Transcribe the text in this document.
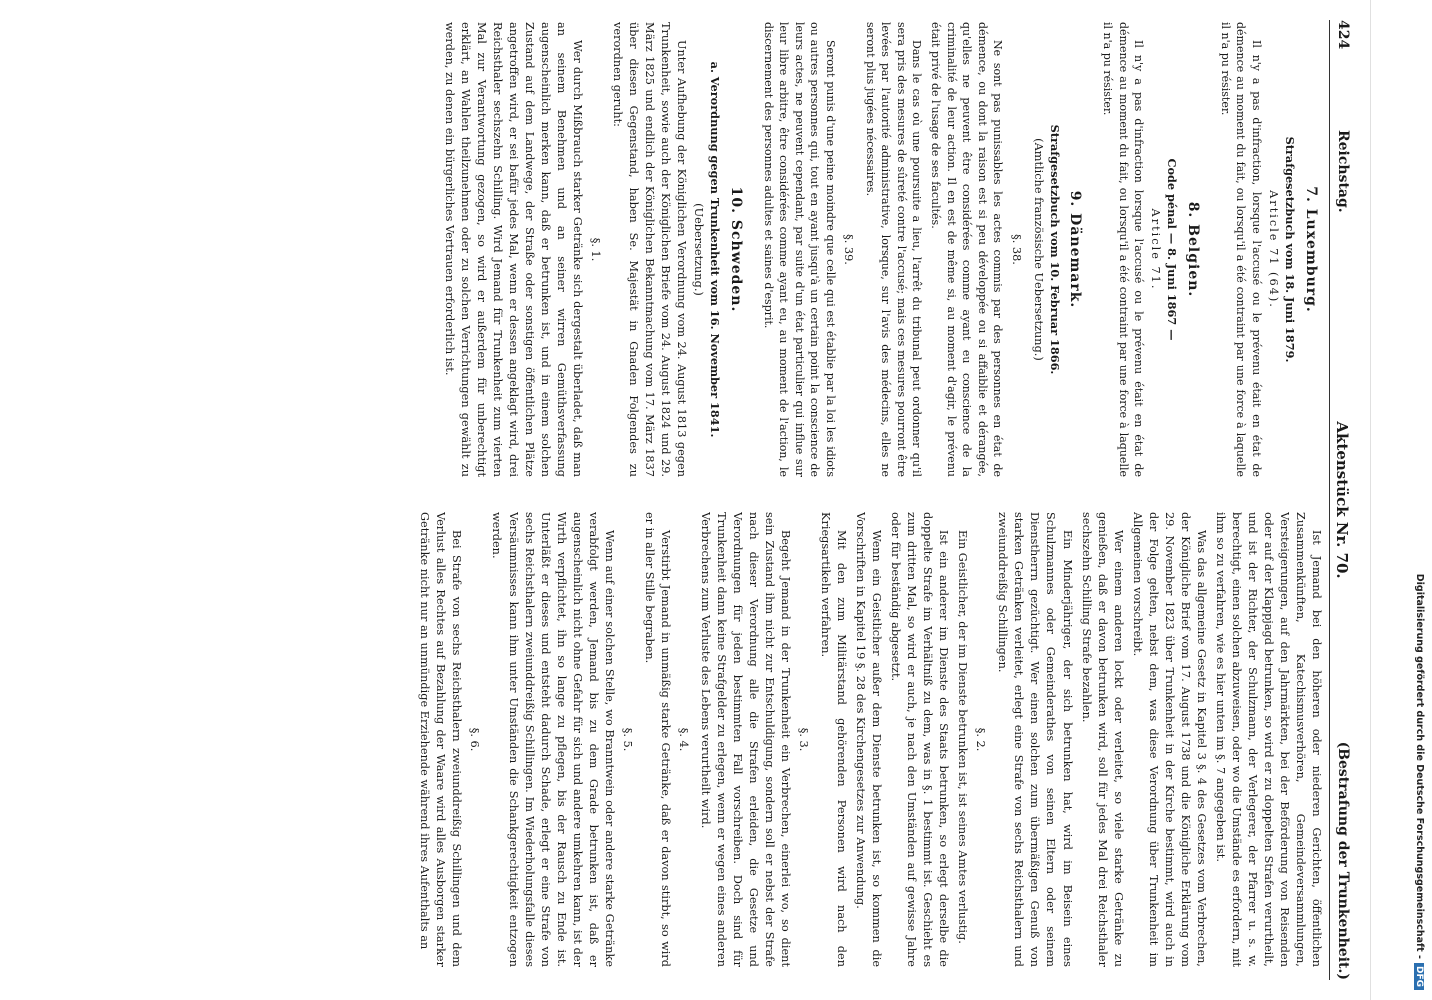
424
Reichstag.
Aktenstück Nr. 70.
(Bestrafung der Trunkenheit.)
7. Luxemburg.
Strafgesetzbuch vom 18. Juni 1879.
Article 71 (64).

Il n'y a pas d'infraction, lorsque l'accusé ou le prévenu était en état de démence au moment du fait, ou lorsqu'il a été contraint par une force à laquelle il n'a pu résister.

8. Belgien.
Code pénal — 8. Juni 1867 —
Article 71.

Il n'y a pas d'infraction lorsque l'accusé ou le prévenu était en état de démence au moment du fait, ou lorsqu'il a été contraint par une force à laquelle il n'a pu résister.

9. Dänemark.
Strafgesetzbuch vom 10. Februar 1866.
(Amtliche französische Uebersetzung.)
§. 38.

Ne sont pas punissables les actes commis par des personnes en état de démence, ou dont la raison est si peu développée ou si affaiblie et dérangée, qu'elles ne peuvent être considérées comme ayant eu conscience de la criminalité de leur action. Il en est de même si, au moment d'agir, le prévenu était privé de l'usage de ses facultés.

Dans le cas où une poursuite a lieu, l'arrêt du tribunal peut ordonner qu'il sera pris des mesures de sûreté contre l'accusé; mais ces mesures pourront être levées par l'autorité administrative, lorsque, sur l'avis des médecins, elles ne seront plus jugées nécessaires.

§. 39.

Seront punis d'une peine moindre que celle qui est établie par la loi les idiots ou autres personnes qui, tout en ayant jusqu'à un certain point la conscience de leurs actes, ne peuvent cependant, par suite d'un état particulier qui influe sur leur libre arbitre, être considérées comme ayant eu, au moment de l'action, le discernement des personnes adultes et saines d'esprit.

10. Schweden.
a. Verordnung gegen Trunkenheit vom 16. November 1841.
(Uebersetzung.)

Unter Aufhebung der Königlichen Verordnung vom 24. August 1813 gegen Trunkenheit, sowie auch der Königlichen Briefe vom 24. August 1824 und 29. März 1825 und endlich der Königlichen Bekanntmachung vom 17. März 1837 über diesen Gegenstand, haben Se. Majestät in Gnaden Folgendes zu verordnen geruht:

§. 1.

Wer durch Mißbrauch starker Getränke sich dergestalt überladet, daß man an seinem Benehmen und an seiner wirren Gemüthsverfassung augenscheinlich merken kann, daß er betrunken ist, und in einem solchen Zustand auf dem Landwege, der Straße oder sonstigen öffentlichen Plätze angetroffen wird, er sei bafür jedes Mal, wenn er dessen angeklagt wird, drei Reichsthaler sechszehn Schilling. Wird Jemand für Trunkenheit zum vierten Mal zur Verantwortung gezogen, so wird er außerdem für unberechtigt erklärt, an Wahlen theilzunehmen oder zu solchen Verrichtungen gewählt zu werden, zu denen ein bürgerliches Vertrauen erforderlich ist.

Ist Jemand bei den höheren oder niederen Gerichten, öffentlichen Zusammenkünften, Katechismusverhören, Gemeindeversammlungen, Versteigerungen, auf den Jahrmärkten, bei der Beförderung von Reisenden oder auf der Klappjagd betrunken, so wird er zu doppelten Strafen verurtheilt, und ist der Richter, der Schulzmann, der Verlegerer, der Pfarrer u. s. w. berechtigt, einen solchen abzuweisen, oder wo die Umstände es erfordern, mit ihm so zu verfahren, wie es hier unten im §. 7 angegeben ist.

Was das allgemeine Gesetz in Kapitel 3 §. 4 des Gesetzes vom Verbrechen, der Königliche Brief vom 17. August 1738 und die Königliche Erklärung vom 29. November 1823 über Trunkenheit in der Kirche bestimmt, wird auch in der Folge gelten, nebst dem, was diese Verordnung über Trunkenheit im Allgemeinen vorschreibt.

Wer einem anderen lockt oder verleitet, so viele starke Getränke zu genießen, daß er davon betrunken wird, soll für jedes Mal drei Reichsthaler sechszehn Schilling Strafe bezahlen.

Ein Minderjähriger, der sich betrunken hat, wird im Beisein eines Schulzmannes oder Gemeinderathes von seinen Eltern oder seinem Dienstherrn gezüchtigt. Wer einen solchen zum übermäßigen Genuß von starken Getränken verleitet, erlegt eine Strafe von sechs Reichsthalern und zweiunddreißig Schillingen.

§. 2.

Ein Geistlicher, der im Dienste betrunken ist, ist seines Amtes verlustig.

Ist ein anderer im Dienste des Staats betrunken, so erlegt derselbe die doppelte Strafe im Verhältniß zu dem, was in §. 1 bestimmt ist. Geschieht es zum dritten Mal, so wird er auch, je nach den Umständen auf gewisse Jahre oder für beständig abgesetzt.

Wenn ein Geistlicher außer dem Dienste betrunken ist, so kommen die Vorschriften in Kapitel 19 §. 28 des Kirchengesetzes zur Anwendung.

Mit den zum Militärstand gehörenden Personen wird nach den Kriegsartikeln verfahren.

§. 3.

Begeht Jemand in der Trunkenheit ein Verbrechen, einerlei wo, so dient sein Zustand ihm nicht zur Entschuldigung, sondern soll er nebst der Strafe nach dieser Verordnung alle die Strafen erleiden, die Gesetze und Verordnungen für jeden bestimmten Fall vorschreiben. Doch sind für Trunkenheit dann keine Strafgelder zu erlegen, wenn er wegen eines anderen Verbrechens zum Verluste des Lebens verurtheilt wird.

§. 4.

Verstirbt Jemand in unmäßig starke Getränke, daß er davon stirbt, so wird er in aller Stille begraben.

§. 5.

Wenn auf einer solchen Stelle, wo Branntwein oder andere starke Getränke verabfolgt werden, Jemand bis zu dem Grade betrunken ist, daß er augenscheinlich nicht ohne Gefahr für sich und andere umkehren kann, ist der Wirth verpflichtet, ihn so lange zu pflegen, bis der Rausch zu Ende ist. Unterläßt er dieses und entsteht dadurch Schade, erlegt er eine Strafe von sechs Reichsthalern zweiunddreißig Schillingen. Im Wiederholungsfalle dieses Versäumnisses kann ihm unter Umständen die Schankgerechtigkeit entzogen werden.

§. 6.

Bei Strafe von sechs Reichsthalern zweiunddreißig Schillingen und dem Verlust alles Rechtes auf Bezahlung der Waare wird alles Ausborgen starker Getränke nicht nur an unmündige Erziehende während ihres Aufenthalts an	Digitalisierung gefördert durch die Deutsche Forschungsgemeinschaft -DFG
